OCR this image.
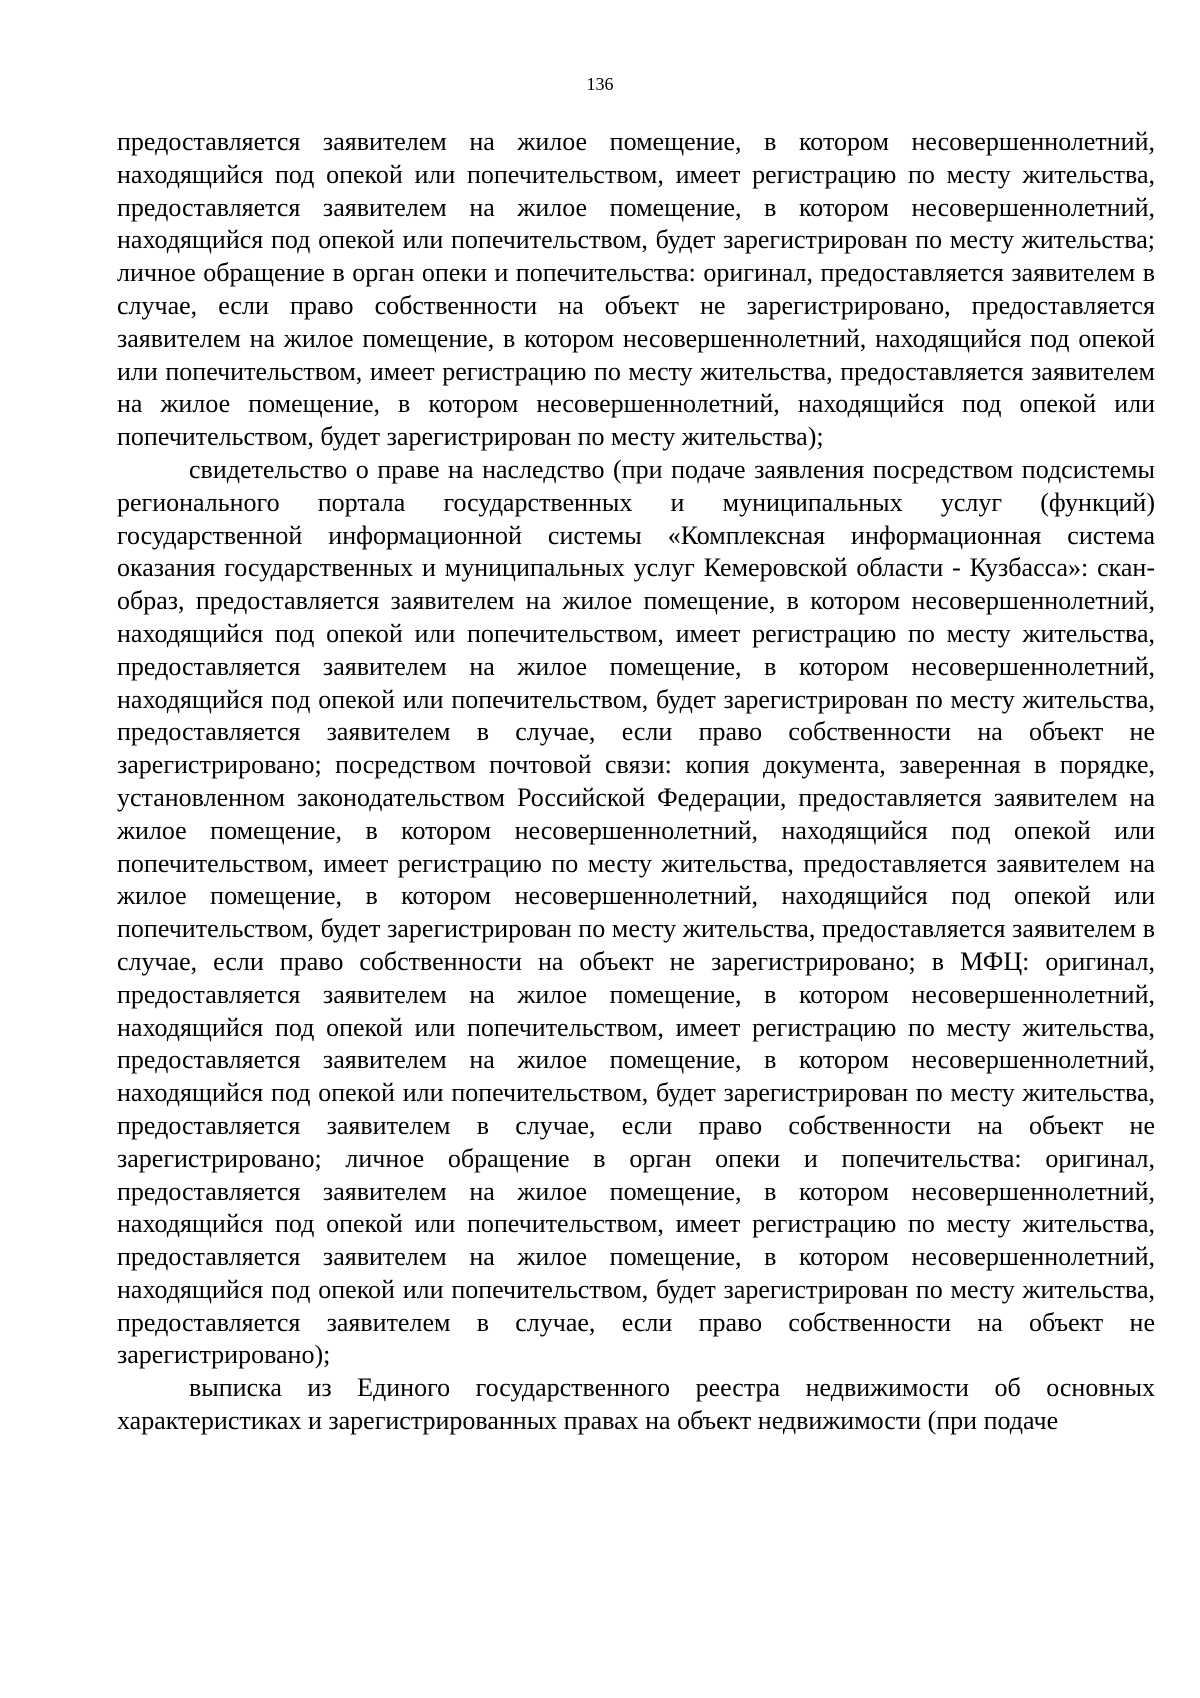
136

предоставляется заявителем на жилое помещение, в котором несовершеннолетний, находящийся под опекой или попечительством, имеет регистрацию по месту жительства, предоставляется заявителем на жилое помещение, в котором несовершеннолетний, находящийся под опекой или попечительством, будет зарегистрирован по месту жительства; личное обращение в орган опеки и попечительства: оригинал, предоставляется заявителем в случае, если право собственности на объект не зарегистрировано, предоставляется заявителем на жилое помещение, в котором несовершеннолетний, находящийся под опекой или попечительством, имеет регистрацию по месту жительства, предоставляется заявителем на жилое помещение, в котором несовершеннолетний, находящийся под опекой или попечительством, будет зарегистрирован по месту жительства);

свидетельство о праве на наследство (при подаче заявления посредством подсистемы регионального портала государственных и муниципальных услуг (функций) государственной информационной системы «Комплексная информационная система оказания государственных и муниципальных услуг Кемеровской области - Кузбасса»: скан-образ, предоставляется заявителем на жилое помещение, в котором несовершеннолетний, находящийся под опекой или попечительством, имеет регистрацию по месту жительства, предоставляется заявителем на жилое помещение, в котором несовершеннолетний, находящийся под опекой или попечительством, будет зарегистрирован по месту жительства, предоставляется заявителем в случае, если право собственности на объект не зарегистрировано; посредством почтовой связи: копия документа, заверенная в порядке, установленном законодательством Российской Федерации, предоставляется заявителем на жилое помещение, в котором несовершеннолетний, находящийся под опекой или попечительством, имеет регистрацию по месту жительства, предоставляется заявителем на жилое помещение, в котором несовершеннолетний, находящийся под опекой или попечительством, будет зарегистрирован по месту жительства, предоставляется заявителем в случае, если право собственности на объект не зарегистрировано; в МФЦ: оригинал, предоставляется заявителем на жилое помещение, в котором несовершеннолетний, находящийся под опекой или попечительством, имеет регистрацию по месту жительства, предоставляется заявителем на жилое помещение, в котором несовершеннолетний, находящийся под опекой или попечительством, будет зарегистрирован по месту жительства, предоставляется заявителем в случае, если право собственности на объект не зарегистрировано; личное обращение в орган опеки и попечительства: оригинал, предоставляется заявителем на жилое помещение, в котором несовершеннолетний, находящийся под опекой или попечительством, имеет регистрацию по месту жительства, предоставляется заявителем на жилое помещение, в котором несовершеннолетний, находящийся под опекой или попечительством, будет зарегистрирован по месту жительства, предоставляется заявителем в случае, если право собственности на объект не зарегистрировано);

выписка из Единого государственного реестра недвижимости об основных характеристиках и зарегистрированных правах на объект недвижимости (при подаче
